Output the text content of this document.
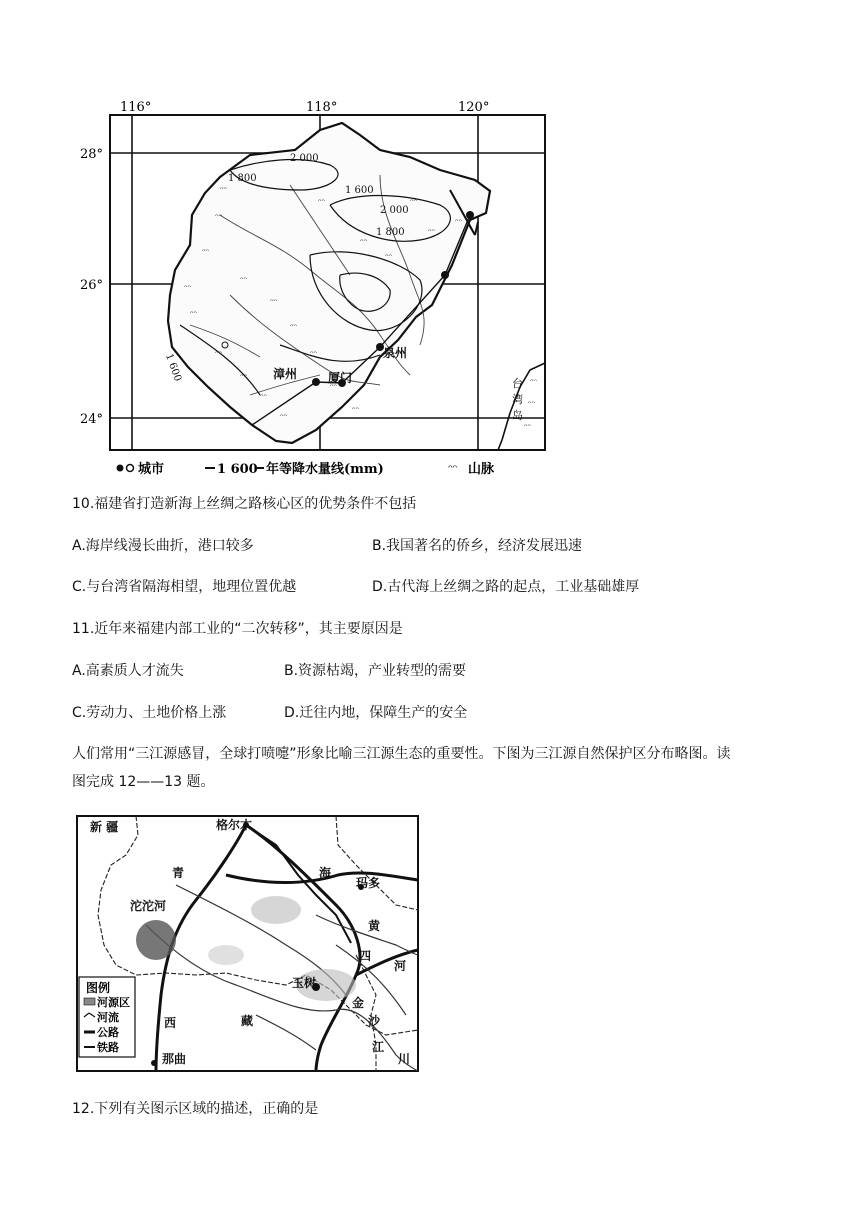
116°	118°	120°
28°
26°
24°
1 800
1 600
2 000
1 800
2 000
1 600
ᵔᵔ
ᵔᵔ
ᵔᵔ
ᵔᵔ
ᵔᵔ
ᵔᵔ
ᵔᵔ
ᵔᵔ
ᵔᵔ
ᵔᵔ
ᵔᵔ
ᵔᵔ
ᵔᵔ
ᵔᵔ
ᵔᵔ
ᵔᵔ
ᵔᵔ
ᵔᵔ
ᵔᵔ
ᵔᵔ
ᵔᵔ
ᵔᵔ
ᵔᵔ
ᵔᵔ
漳州	厦门
泉州
台
湾
岛
城市	1 600 年等降水量线(mm)	ᵔᵔ 山脉
10.福建省打造新海上丝绸之路核心区的优势条件不包括
A.海岸线漫长曲折，港口较多	B.我国著名的侨乡，经济发展迅速
C.与台湾省隔海相望，地理位置优越	D.古代海上丝绸之路的起点，工业基础雄厚
11.近年来福建内部工业的“二次转移”，其主要原因是
A.高素质人才流失	B.资源枯竭，产业转型的需要
C.劳动力、土地价格上涨	D.迁往内地，保障生产的安全
人们常用“三江源感冒，全球打喷嚏”形象比喻三江源生态的重要性。下图为三江源自然保护区分布略图。读
图完成 12——13 题。
新 疆	格尔木
青	海
玛多
沱沱河
黄
河
四
玉树
金
沙
江
川
西	藏
那曲
图例
河源区
河流
公路
铁路
12.下列有关图示区域的描述，正确的是
